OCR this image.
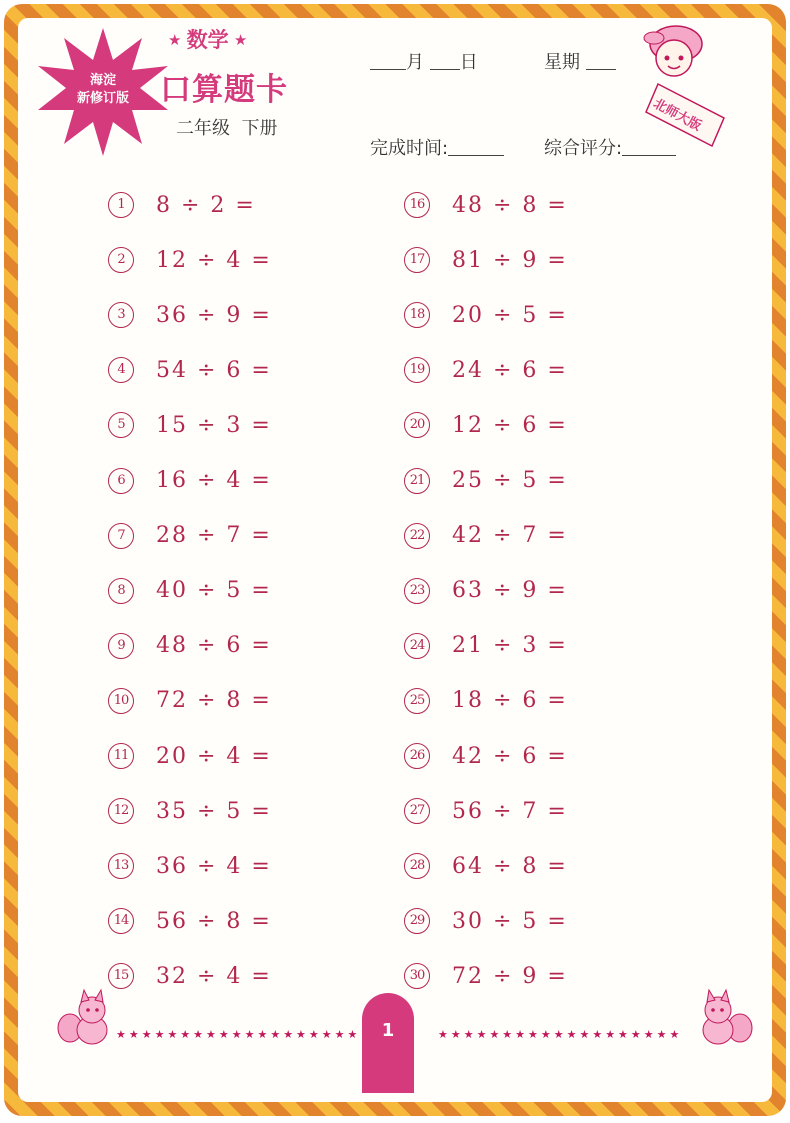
海淀
新修订版
★ 数学 ★
口算题卡
二年级 下册
月 日	星期
完成时间:	综合评分:
北师大版
1	8 ÷ 2 =
2	12 ÷ 4 =
3	36 ÷ 9 =
4	54 ÷ 6 =
5	15 ÷ 3 =
6	16 ÷ 4 =
7	28 ÷ 7 =
8	40 ÷ 5 =
9	48 ÷ 6 =
10 72 ÷ 8 =
11 20 ÷ 4 =
12 35 ÷ 5 =
13 36 ÷ 4 =
14 56 ÷ 8 =
15 32 ÷ 4 =
16 48 ÷ 8 =
17 81 ÷ 9 =
18 20 ÷ 5 =
19 24 ÷ 6 =
20 12 ÷ 6 =
21 25 ÷ 5 =
22 42 ÷ 7 =
23 63 ÷ 9 =
24 21 ÷ 3 =
25 18 ÷ 6 =
26 42 ÷ 6 =
27 56 ÷ 7 =
28 64 ÷ 8 =
29 30 ÷ 5 =
30 72 ÷ 9 =
★★★★★★★★★★★★★★★★★★★	★★★★★★★★★★★★★★★★★★★
1
